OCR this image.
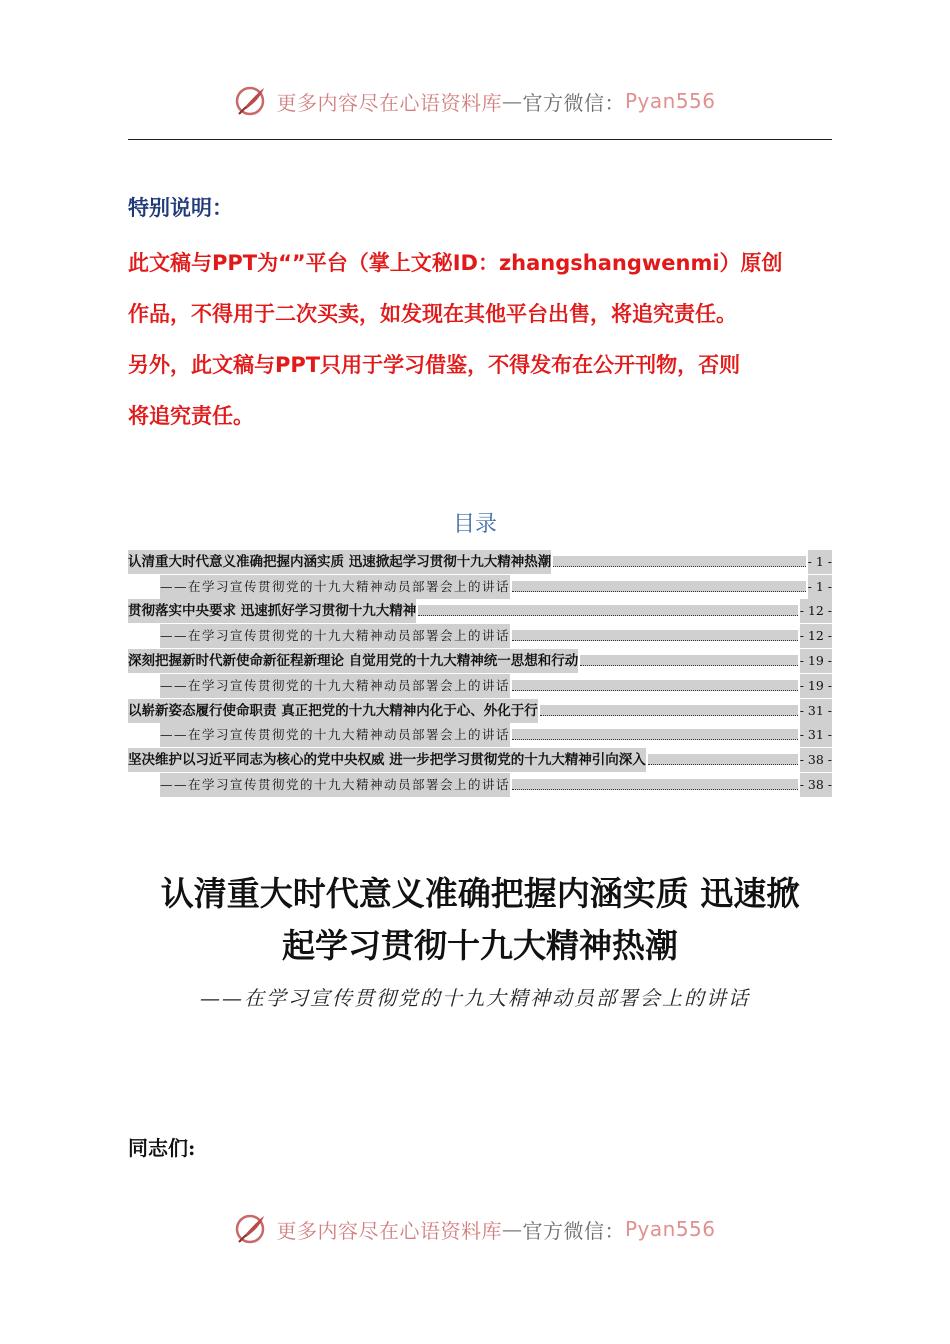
更多内容尽在心语资料库 — 官方微信： Pyan556
特别说明：
此文稿与PPT为“”平台（掌上文秘ID：zhangshangwenmi）原创
作品，不得用于二次买卖，如发现在其他平台出售，将追究责任。
另外，此文稿与PPT只用于学习借鉴，不得发布在公开刊物，否则
将追究责任。
目录
认清重大时代意义准确把握内涵实质 迅速掀起学习贯彻十九大精神热潮	- 1 -
——在学习宣传贯彻党的十九大精神动员部署会上的讲话	- 1 -
贯彻落实中央要求 迅速抓好学习贯彻十九大精神	- 12 -
——在学习宣传贯彻党的十九大精神动员部署会上的讲话	- 12 -
深刻把握新时代新使命新征程新理论 自觉用党的十九大精神统一思想和行动	- 19 -
——在学习宣传贯彻党的十九大精神动员部署会上的讲话	- 19 -
以崭新姿态履行使命职责 真正把党的十九大精神内化于心、外化于行	- 31 -
——在学习宣传贯彻党的十九大精神动员部署会上的讲话	- 31 -
坚决维护以习近平同志为核心的党中央权威 进一步把学习贯彻党的十九大精神引向深入	- 38 -
——在学习宣传贯彻党的十九大精神动员部署会上的讲话	- 38 -
认清重大时代意义准确把握内涵实质 迅速掀
起学习贯彻十九大精神热潮
——在学习宣传贯彻党的十九大精神动员部署会上的讲话
同志们:
更多内容尽在心语资料库 — 官方微信： Pyan556
